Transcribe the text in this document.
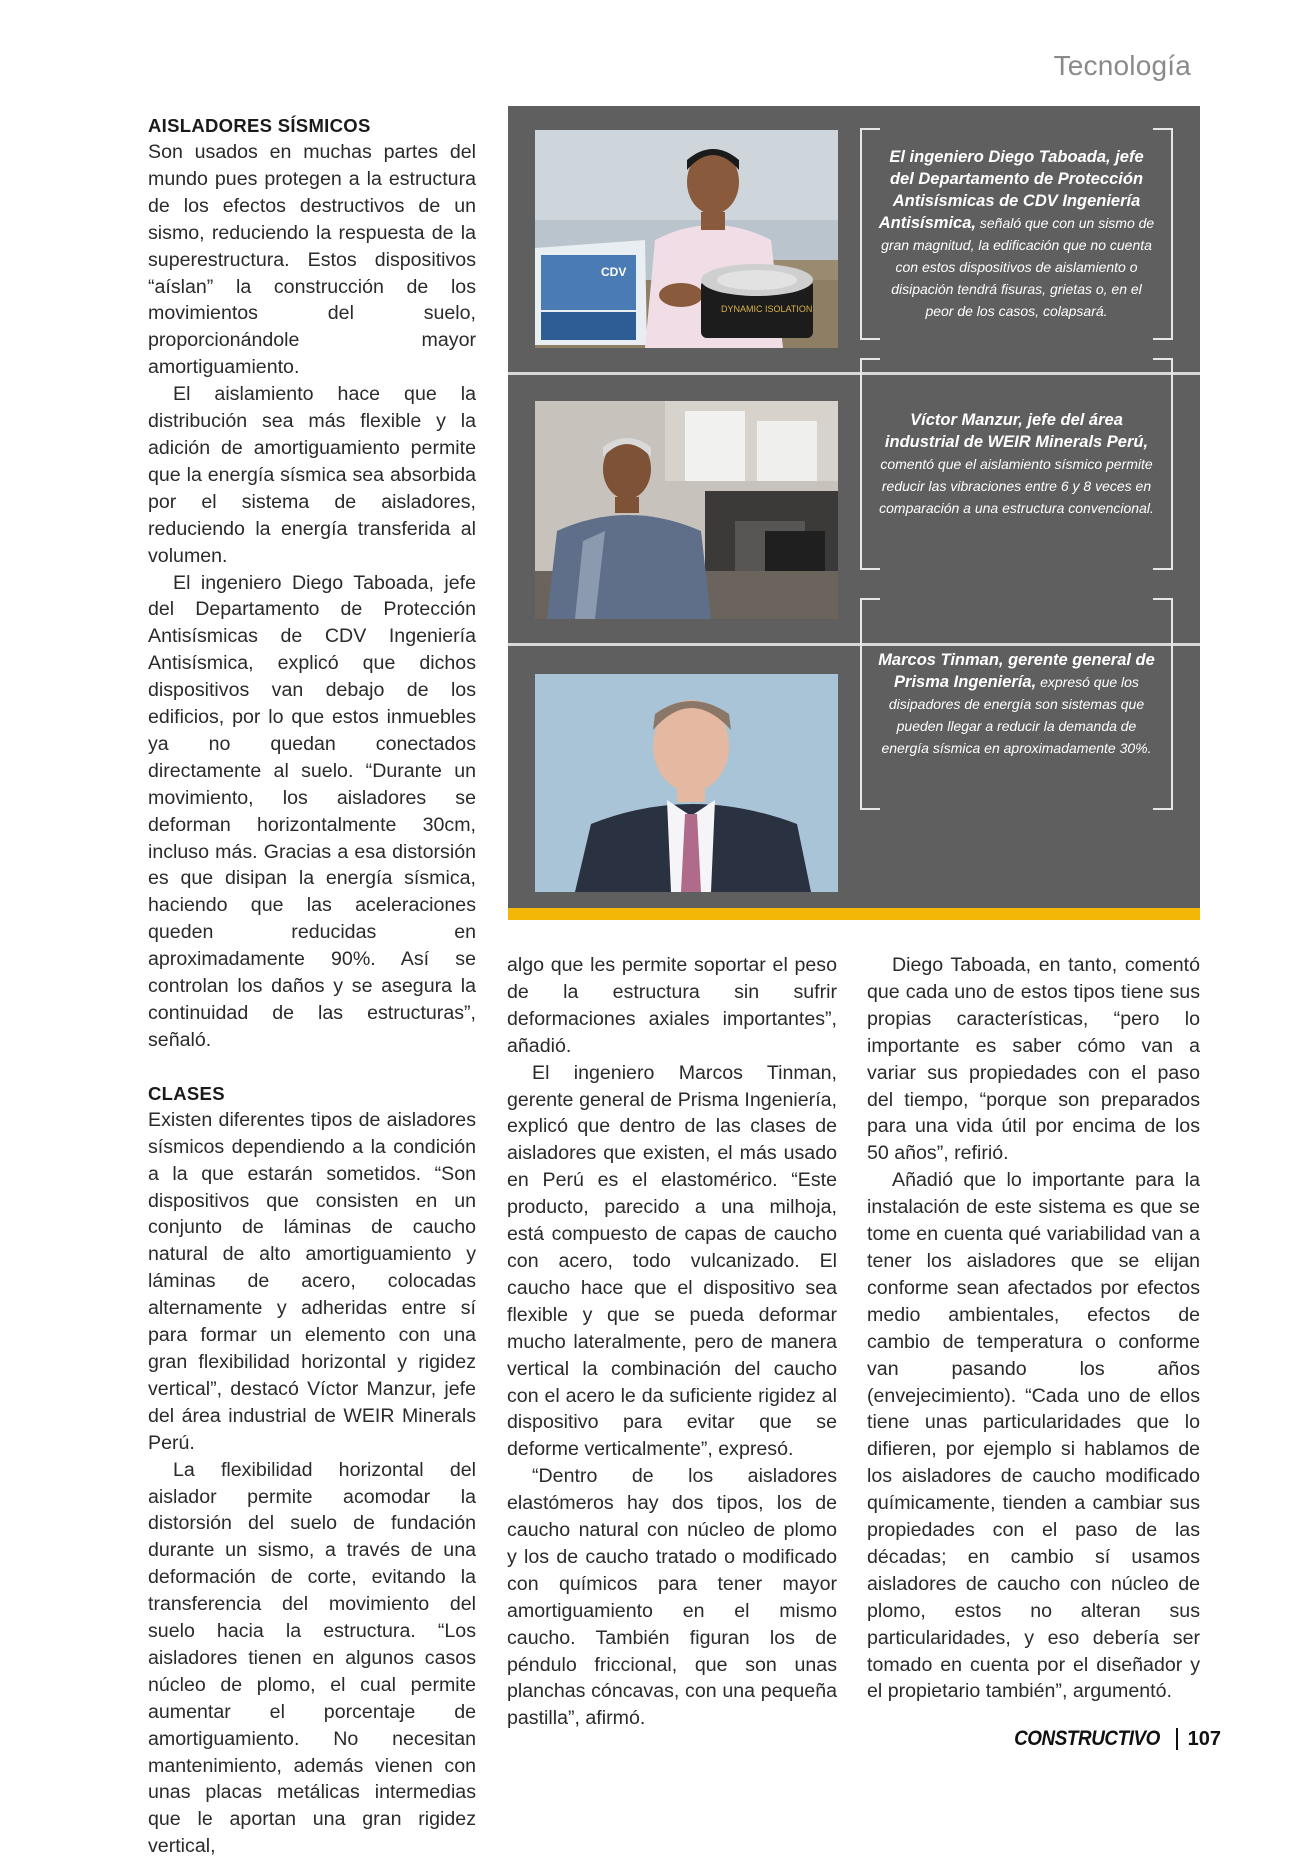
Tecnología
AISLADORES SÍSMICOS

Son usados en muchas partes del mundo pues protegen a la estructura de los efectos destructivos de un sismo, reduciendo la respuesta de la superestructura. Estos dispositivos “aíslan” la construcción de los movimientos del suelo, proporcionándole mayor amortiguamiento.

El aislamiento hace que la distribución sea más flexible y la adición de amortiguamiento permite que la energía sísmica sea absorbida por el sistema de aisladores, reduciendo la energía transferida al volumen.

El ingeniero Diego Taboada, jefe del Departamento de Protección Antisísmicas de CDV Ingeniería Antisísmica, explicó que dichos dispositivos van debajo de los edificios, por lo que estos inmuebles ya no quedan conectados directamente al suelo. “Durante un movimiento, los aisladores se deforman horizontalmente 30cm, incluso más. Gracias a esa distorsión es que disipan la energía sísmica, haciendo que las aceleraciones queden reducidas en aproximadamente 90%. Así se controlan los daños y se asegura la continuidad de las estructuras”, señaló.

CLASES

Existen diferentes tipos de aisladores sísmicos dependiendo a la condición a la que estarán sometidos. “Son dispositivos que consisten en un conjunto de láminas de caucho natural de alto amortiguamiento y láminas de acero, colocadas alternamente y adheridas entre sí para formar un elemento con una gran flexibilidad horizontal y rigidez vertical”, destacó Víctor Manzur, jefe del área industrial de WEIR Minerals Perú.

La flexibilidad horizontal del aislador permite acomodar la distorsión del suelo de fundación durante un sismo, a través de una deformación de corte, evitando la transferencia del movimiento del suelo hacia la estructura. “Los aisladores tienen en algunos casos núcleo de plomo, el cual permite aumentar el porcentaje de amortiguamiento. No necesitan mantenimiento, además vienen con unas placas metálicas intermedias que le aportan una gran rigidez vertical,

CDV
DYNAMIC ISOLATION
El ingeniero Diego Taboada, jefe del Departamento de Protección Antisísmicas de CDV Ingeniería Antisísmica, señaló que con un sismo de gran magnitud, la edificación que no cuenta con estos dispositivos de aislamiento o disipación tendrá fisuras, grietas o, en el peor de los casos, colapsará.
Víctor Manzur, jefe del área industrial de WEIR Minerals Perú, comentó que el aislamiento sísmico permite reducir las vibraciones entre 6 y 8 veces en comparación a una estructura convencional.
Marcos Tinman, gerente general de Prisma Ingeniería, expresó que los disipadores de energía son sistemas que pueden llegar a reducir la demanda de energía sísmica en aproximadamente 30%.

algo que les permite soportar el peso de la estructura sin sufrir deformaciones axiales importantes”, añadió.

El ingeniero Marcos Tinman, gerente general de Prisma Ingeniería, explicó que dentro de las clases de aisladores que existen, el más usado en Perú es el elastomérico. “Este producto, parecido a una milhoja, está compuesto de capas de caucho con acero, todo vulcanizado. El caucho hace que el dispositivo sea flexible y que se pueda deformar mucho lateralmente, pero de manera vertical la combinación del caucho con el acero le da suficiente rigidez al dispositivo para evitar que se deforme verticalmente”, expresó.

“Dentro de los aisladores elastómeros hay dos tipos, los de caucho natural con núcleo de plomo y los de caucho tratado o modificado con químicos para tener mayor amortiguamiento en el mismo caucho. También figuran los de péndulo friccional, que son unas planchas cóncavas, con una pequeña pastilla”, afirmó.

Diego Taboada, en tanto, comentó que cada uno de estos tipos tiene sus propias características, “pero lo importante es saber cómo van a variar sus propiedades con el paso del tiempo, “porque son preparados para una vida útil por encima de los 50 años”, refirió.

Añadió que lo importante para la instalación de este sistema es que se tome en cuenta qué variabilidad van a tener los aisladores que se elijan conforme sean afectados por efectos medio ambientales, efectos de cambio de temperatura o conforme van pasando los años (envejecimiento). “Cada uno de ellos tiene unas particularidades que lo difieren, por ejemplo si hablamos de los aisladores de caucho modificado químicamente, tienden a cambiar sus propiedades con el paso de las décadas; en cambio sí usamos aisladores de caucho con núcleo de plomo, estos no alteran sus particularidades, y eso debería ser tomado en cuenta por el diseñador y el propietario también”, argumentó.

CONSTRUCTIVO 107
